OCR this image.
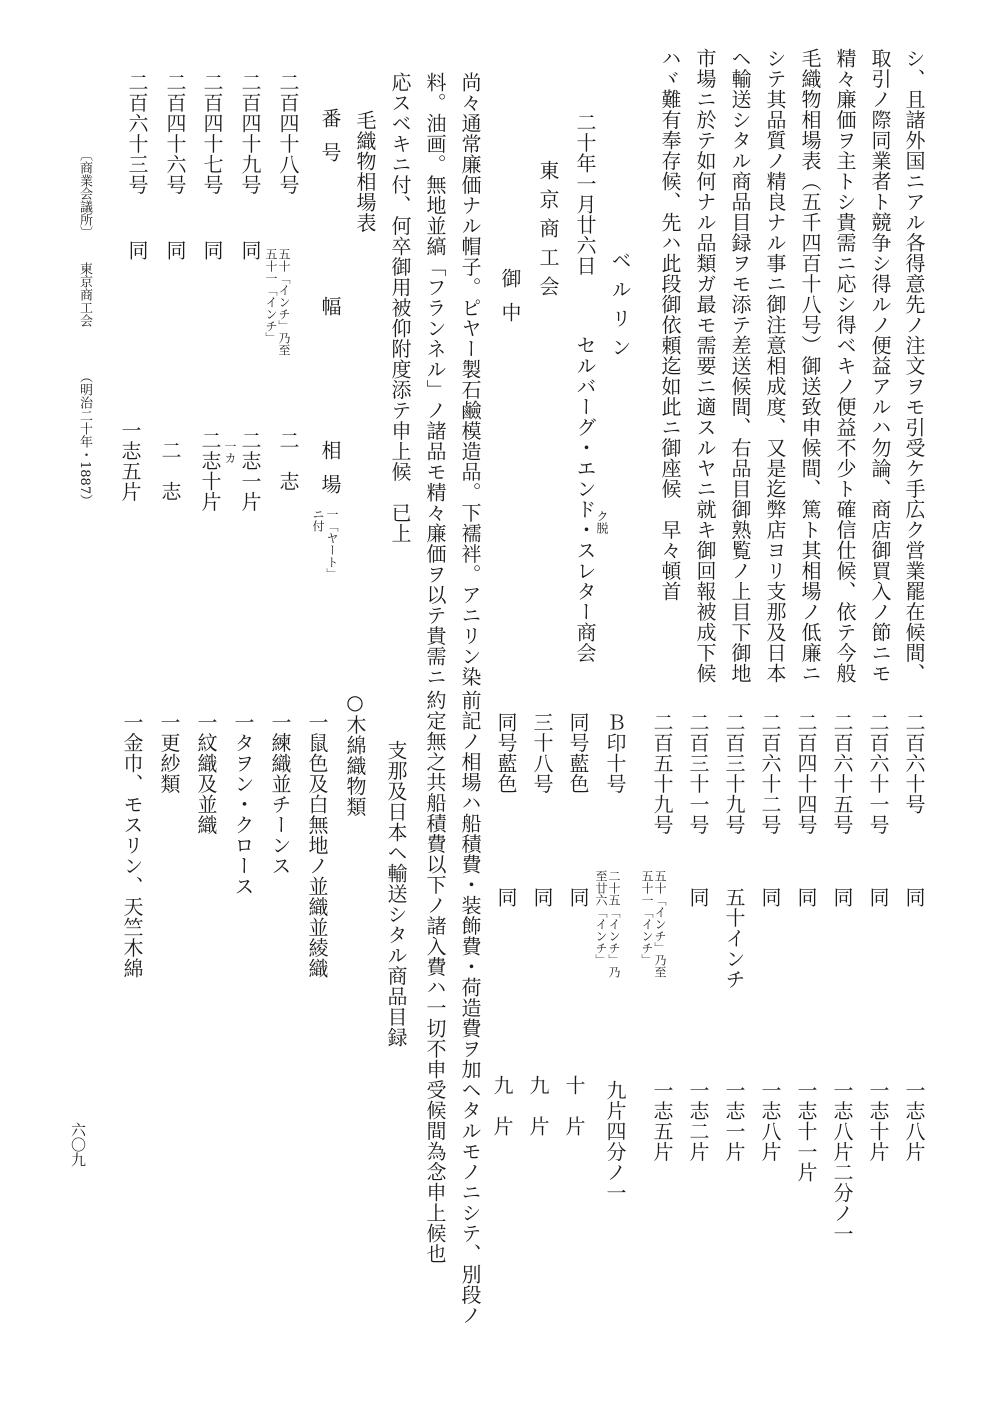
シ、且諸外国ニアル各得意先ノ注文ヲモ引受ケ手広ク営業罷在候間、
取引ノ際同業者ト競争シ得ルノ便益アルハ勿論、商店御買入ノ節ニモ
精々廉価ヲ主トシ貴需ニ応シ得ベキノ便益不少ト確信仕候、依テ今般
毛織物相場表（五千四百十八号）御送致申候間、篤ト其相場ノ低廉ニ
シテ其品質ノ精良ナル事ニ御注意相成度、又是迄弊店ヨリ支那及日本
ヘ輸送シタル商品目録ヲモ添テ差送候間、右品目御熟覧ノ上目下御地
市場ニ於テ如何ナル品類ガ最モ需要ニ適スルヤニ就キ御回報被成下候
ハヾ難有奉存候、先ハ此段御依頼迄如此ニ御座候　早々頓首
ベルリン
二十年一月廿六日
セルバーグ・エンド・スレター商会
ク脱
東京商工会
御中
尚々通常廉価ナル帽子。ピヤー製石鹼模造品。下襦袢。アニリン染
料。油画。無地並縞「フランネル」ノ諸品モ精々廉価ヲ以テ貴需ニ
応スベキニ付、何卒御用被仰附度添テ申上候　已上
毛織物相場表
番号
幅
相場
一「ヤート」
ニ付
二百四十八号
五十「インチ」乃至
五十一「インチ」
二　志
二百四十九号
同
二志一片
一カ
二百四十七号
同
二志十片
二百四十六号
同
二　志
二百六十三号
同
一志五片
〔商業会議所〕
東京商工会
（明治二十年・1887）
二百六十号
同
一志八片
二百六十一号
同
一志十片
二百六十五号
同
一志八片二分ノ一
二百四十四号
同
一志十一片
二百六十二号
同
一志八片
二百三十九号
五十インチ
一志一片
二百三十一号
同
一志二片
二百五十九号
五十「インチ」乃至
五十一「インチ」
一志五片
Ｂ印十号
二十五「インチ」乃
至廿六「インチ」
九片四分ノ一
同号藍色
同
十　片
三十八号
同
九　片
同号藍色
同
九　片
前記ノ相場ハ船積費・装飾費・荷造費ヲ加ヘタルモノニシテ、別段ノ
約定無之共船積費以下ノ諸入費ハ一切不申受候間為念申上候也
支那及日本ヘ輸送シタル商品目録
○木綿織物類
一鼠色及白無地ノ並織並綾織
一練織並チーンス
一タヲン・クロース
一紋織及並織
一更紗類
一金巾、モスリン、天竺木綿
六〇九
